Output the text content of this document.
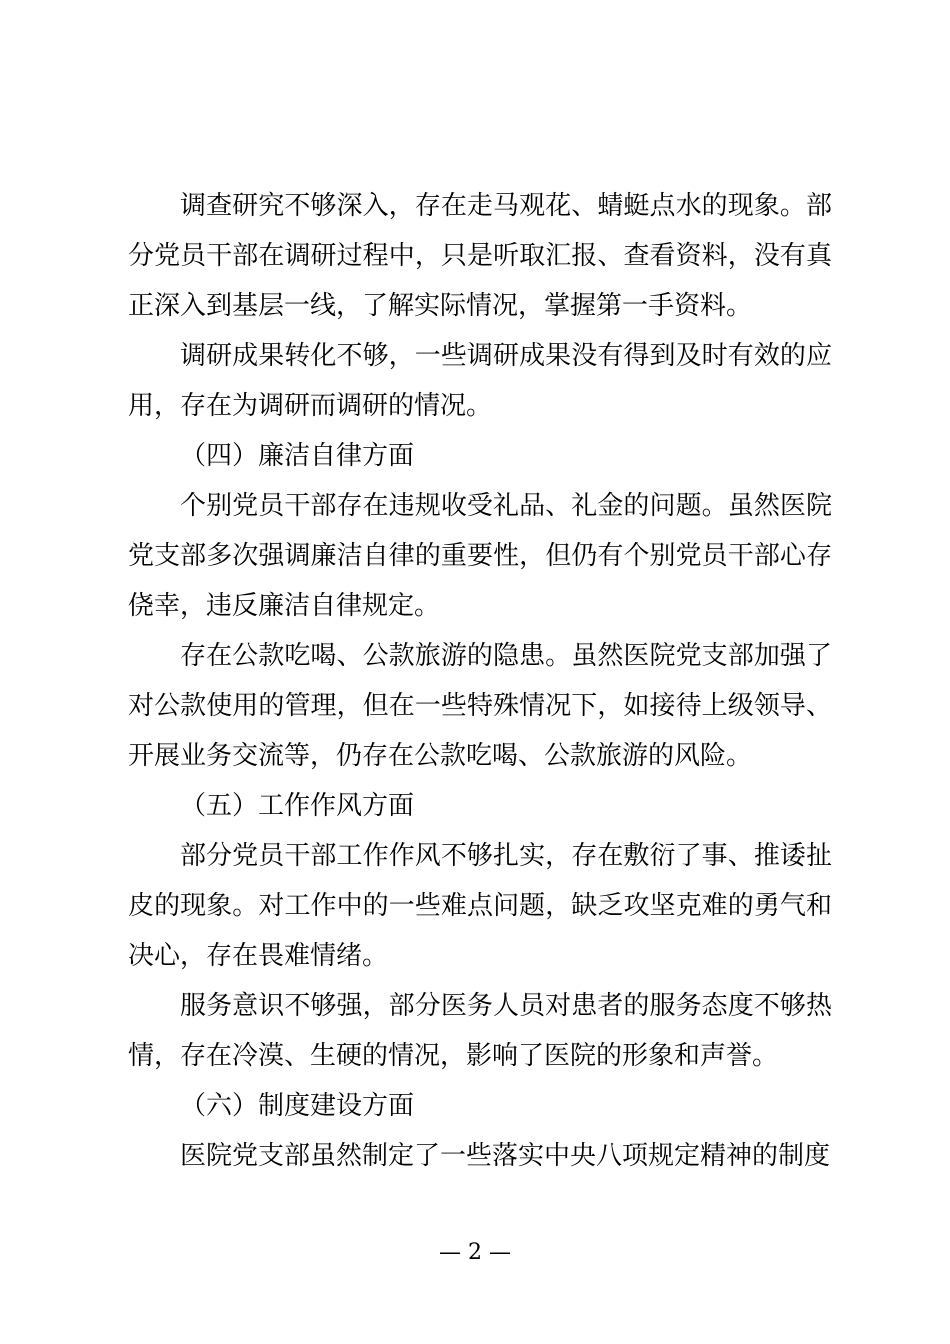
调查研究不够深入，存在走马观花、蜻蜓点水的现象。部分党员干部在调研过程中，只是听取汇报、查看资料，没有真正深入到基层一线，了解实际情况，掌握第一手资料。

调研成果转化不够，一些调研成果没有得到及时有效的应用，存在为调研而调研的情况。

（四）廉洁自律方面

个别党员干部存在违规收受礼品、礼金的问题。虽然医院党支部多次强调廉洁自律的重要性，但仍有个别党员干部心存侥幸，违反廉洁自律规定。

存在公款吃喝、公款旅游的隐患。虽然医院党支部加强了对公款使用的管理，但在一些特殊情况下，如接待上级领导、开展业务交流等，仍存在公款吃喝、公款旅游的风险。

（五）工作作风方面

部分党员干部工作作风不够扎实，存在敷衍了事、推诿扯皮的现象。对工作中的一些难点问题，缺乏攻坚克难的勇气和决心，存在畏难情绪。

服务意识不够强，部分医务人员对患者的服务态度不够热情，存在冷漠、生硬的情况，影响了医院的形象和声誉。

（六）制度建设方面

医院党支部虽然制定了一些落实中央八项规定精神的制度

— 2 —
